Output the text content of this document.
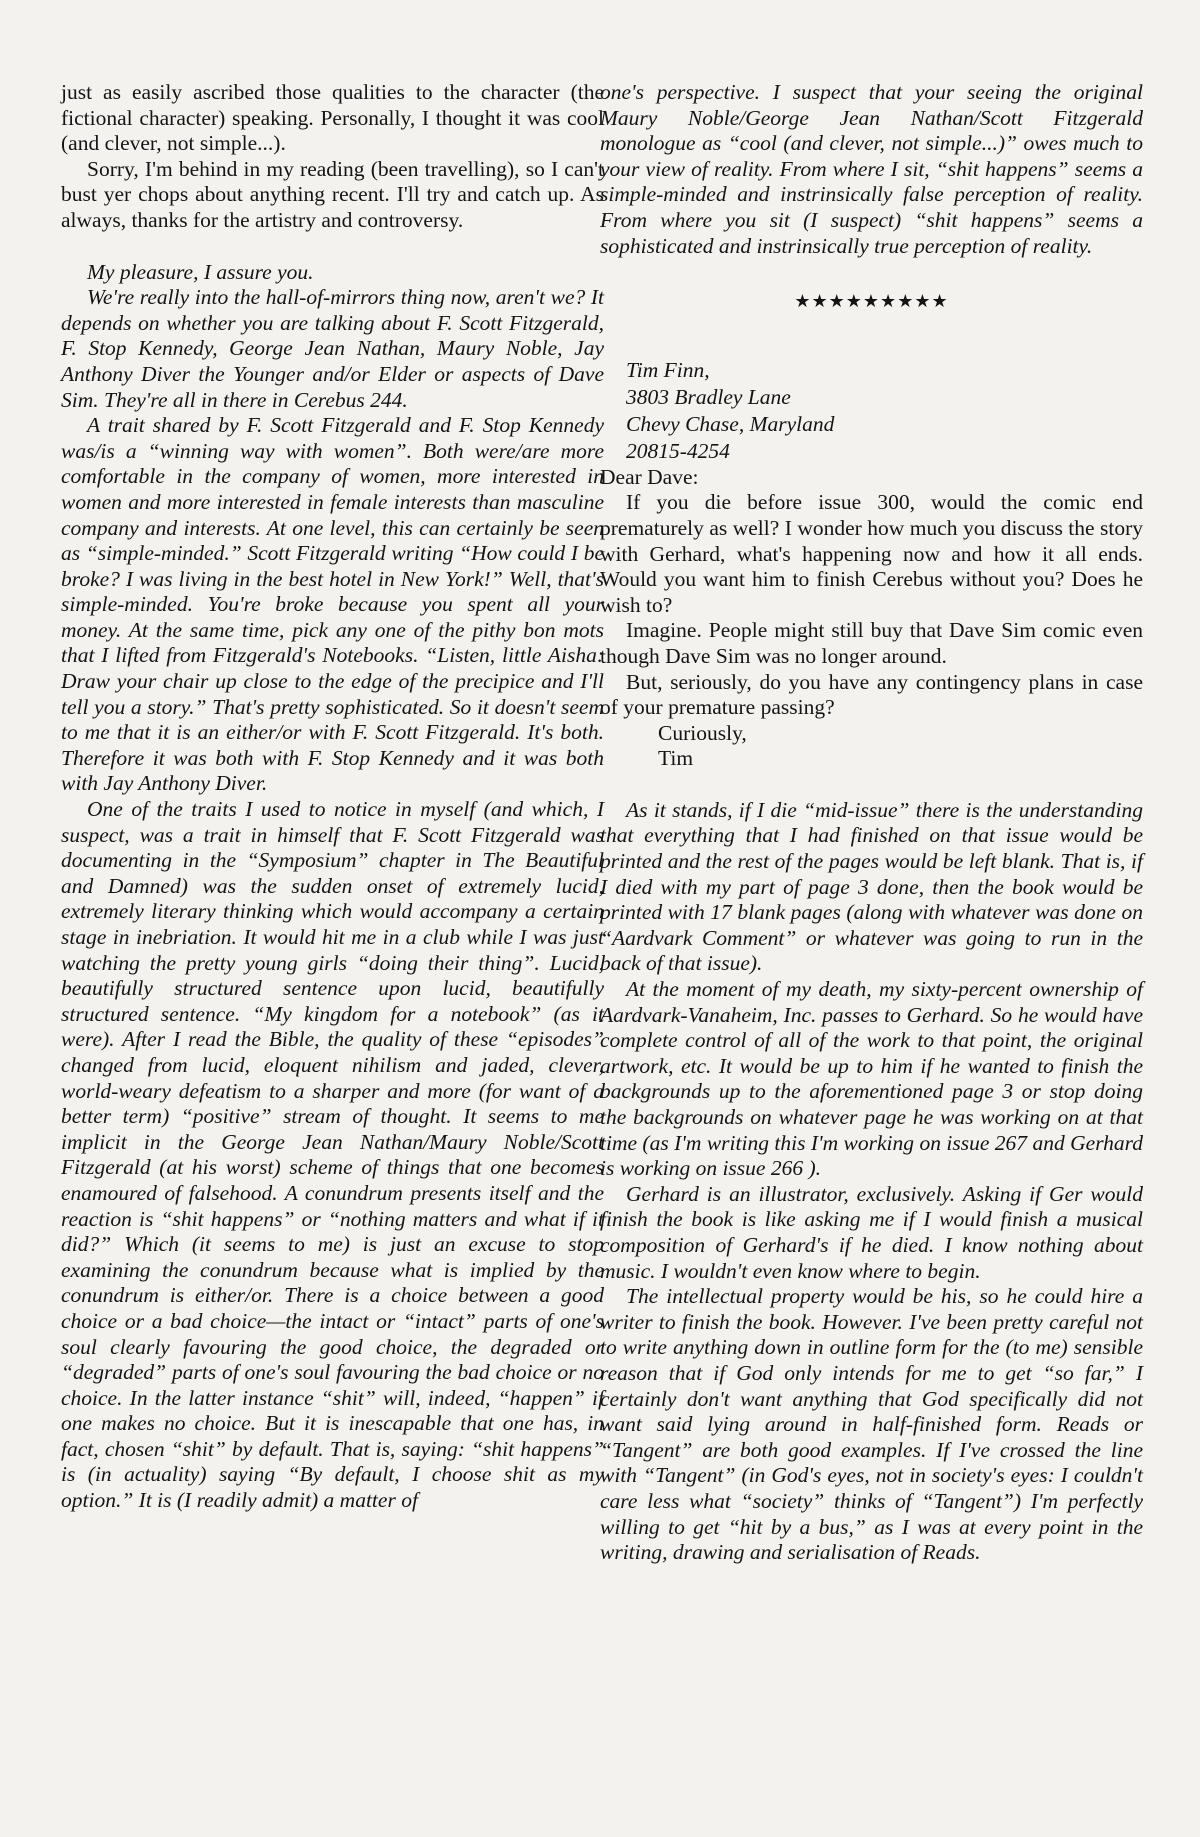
just as easily ascribed those qualities to the character (the fictional character) speaking. Personally, I thought it was cool (and clever, not simple...).

Sorry, I'm behind in my reading (been travelling), so I can't bust yer chops about anything recent. I'll try and catch up. As always, thanks for the artistry and controversy.

My pleasure, I assure you.

We're really into the hall-of-mirrors thing now, aren't we? It depends on whether you are talking about F. Scott Fitzgerald, F. Stop Kennedy, George Jean Nathan, Maury Noble, Jay Anthony Diver the Younger and/or Elder or aspects of Dave Sim. They're all in there in Cerebus 244.

A trait shared by F. Scott Fitzgerald and F. Stop Kennedy was/is a “winning way with women”. Both were/are more comfortable in the company of women, more interested in women and more interested in female interests than masculine company and interests. At one level, this can certainly be seen as “simple-minded.” Scott Fitzgerald writing “How could I be broke? I was living in the best hotel in New York!” Well, that's simple-minded. You're broke because you spent all your money. At the same time, pick any one of the pithy bon mots that I lifted from Fitzgerald's Notebooks. “Listen, little Aisha: Draw your chair up close to the edge of the precipice and I'll tell you a story.” That's pretty sophisticated. So it doesn't seem to me that it is an either/or with F. Scott Fitzgerald. It's both. Therefore it was both with F. Stop Kennedy and it was both with Jay Anthony Diver.

One of the traits I used to notice in myself (and which, I suspect, was a trait in himself that F. Scott Fitzgerald was documenting in the “Symposium” chapter in The Beautiful and Damned) was the sudden onset of extremely lucid, extremely literary thinking which would accompany a certain stage in inebriation. It would hit me in a club while I was just watching the pretty young girls “doing their thing”. Lucid, beautifully structured sentence upon lucid, beautifully structured sentence. “My kingdom for a notebook” (as it were). After I read the Bible, the quality of these “episodes” changed from lucid, eloquent nihilism and jaded, clever, world-weary defeatism to a sharper and more (for want of a better term) “positive” stream of thought. It seems to me implicit in the George Jean Nathan/Maury Noble/Scott Fitzgerald (at his worst) scheme of things that one becomes enamoured of falsehood. A conundrum presents itself and the reaction is “shit happens” or “nothing matters and what if it did?” Which (it seems to me) is just an excuse to stop examining the conundrum because what is implied by the conundrum is either/or. There is a choice between a good choice or a bad choice—the intact or “intact” parts of one's soul clearly favouring the good choice, the degraded or “degraded” parts of one's soul favouring the bad choice or no choice. In the latter instance “shit” will, indeed, “happen” if one makes no choice. But it is inescapable that one has, in fact, chosen “shit” by default. That is, saying: “shit happens” is (in actuality) saying “By default, I choose shit as my option.” It is (I readily admit) a matter of

one's perspective. I suspect that your seeing the original Maury Noble/George Jean Nathan/Scott Fitzgerald monologue as “cool (and clever, not simple...)” owes much to your view of reality. From where I sit, “shit happens” seems a simple-minded and instrinsically false perception of reality. From where you sit (I suspect) “shit happens” seems a sophisticated and instrinsically true perception of reality.

★★★★★★★★★

Tim Finn,

3803 Bradley Lane

Chevy Chase, Maryland

20815-4254

Dear Dave:

If you die before issue 300, would the comic end prematurely as well? I wonder how much you discuss the story with Gerhard, what's happening now and how it all ends. Would you want him to finish Cerebus without you? Does he wish to?

Imagine. People might still buy that Dave Sim comic even though Dave Sim was no longer around.

But, seriously, do you have any contingency plans in case of your premature passing?

Curiously,

Tim

As it stands, if I die “mid-issue” there is the understanding that everything that I had finished on that issue would be printed and the rest of the pages would be left blank. That is, if I died with my part of page 3 done, then the book would be printed with 17 blank pages (along with whatever was done on “Aardvark Comment” or whatever was going to run in the back of that issue).

At the moment of my death, my sixty-percent ownership of Aardvark-Vanaheim, Inc. passes to Gerhard. So he would have complete control of all of the work to that point, the original artwork, etc. It would be up to him if he wanted to finish the backgrounds up to the aforementioned page 3 or stop doing the backgrounds on whatever page he was working on at that time (as I'm writing this I'm working on issue 267 and Gerhard is working on issue 266 ).

Gerhard is an illustrator, exclusively. Asking if Ger would finish the book is like asking me if I would finish a musical composition of Gerhard's if he died. I know nothing about music. I wouldn't even know where to begin.

The intellectual property would be his, so he could hire a writer to finish the book. However. I've been pretty careful not to write anything down in outline form for the (to me) sensible reason that if God only intends for me to get “so far,” I certainly don't want anything that God specifically did not want said lying around in half-finished form. Reads or “Tangent” are both good examples. If I've crossed the line with “Tangent” (in God's eyes, not in society's eyes: I couldn't care less what “society” thinks of “Tangent”) I'm perfectly willing to get “hit by a bus,” as I was at every point in the writing, drawing and serialisation of Reads.
